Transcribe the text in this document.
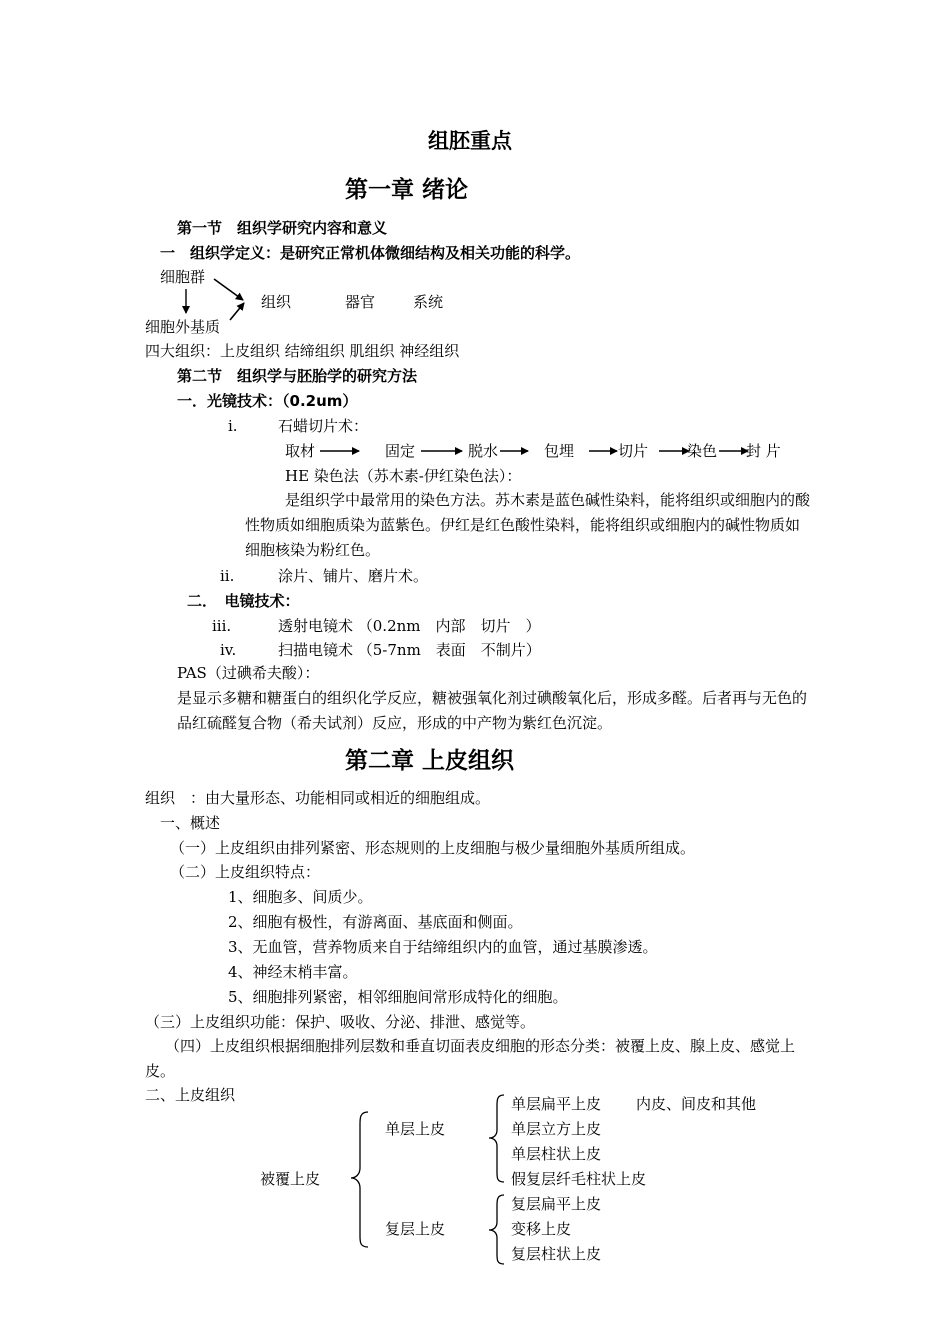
组胚重点
第一章 绪论
第一节　组织学研究内容和意义
一　组织学定义：是研究正常机体微细结构及相关功能的科学。
细胞群
组织	器官	系统
细胞外基质
四大组织：上皮组织 结缔组织 肌组织 神经组织
第二节　组织学与胚胎学的研究方法
一．光镜技术：（0.2um）
i.	石蜡切片术：
取材	固定	脱水	包埋	切片	染色 封 片
HE 染色法（苏木素-伊红染色法）：
是组织学中最常用的染色方法。苏木素是蓝色碱性染料，能将组织或细胞内的酸性物质如细胞质染为蓝紫色。伊红是红色酸性染料，能将组织或细胞内的碱性物质如细胞核染为粉红色。
ii.	涂片、铺片、磨片术。
二．　电镜技术：
iii.	透射电镜术 （0.2nm　内部　切片　）
iv.	扫描电镜术 （5-7nm　表面　不制片）
PAS（过碘希夫酸）：
是显示多糖和糖蛋白的组织化学反应，糖被强氧化剂过碘酸氧化后，形成多醛。后者再与无色的品红硫醛复合物（希夫试剂）反应，形成的中产物为紫红色沉淀。
第二章 上皮组织
组织　：由大量形态、功能相同或相近的细胞组成。
一、概述
（一）上皮组织由排列紧密、形态规则的上皮细胞与极少量细胞外基质所组成。
（二）上皮组织特点：
1、细胞多、间质少。
2、细胞有极性，有游离面、基底面和侧面。
3、无血管，营养物质来自于结缔组织内的血管，通过基膜渗透。
4、神经末梢丰富。
5、细胞排列紧密，相邻细胞间常形成特化的细胞。
（三）上皮组织功能：保护、吸收、分泌、排泄、感觉等。
（四）上皮组织根据细胞排列层数和垂直切面表皮细胞的形态分类：被覆上皮、腺上皮、感觉上皮。
二、上皮组织
被覆上皮
单层上皮
复层上皮
单层扁平上皮 内皮、间皮和其他
单层立方上皮
单层柱状上皮
假复层纤毛柱状上皮
复层扁平上皮
变移上皮
复层柱状上皮
